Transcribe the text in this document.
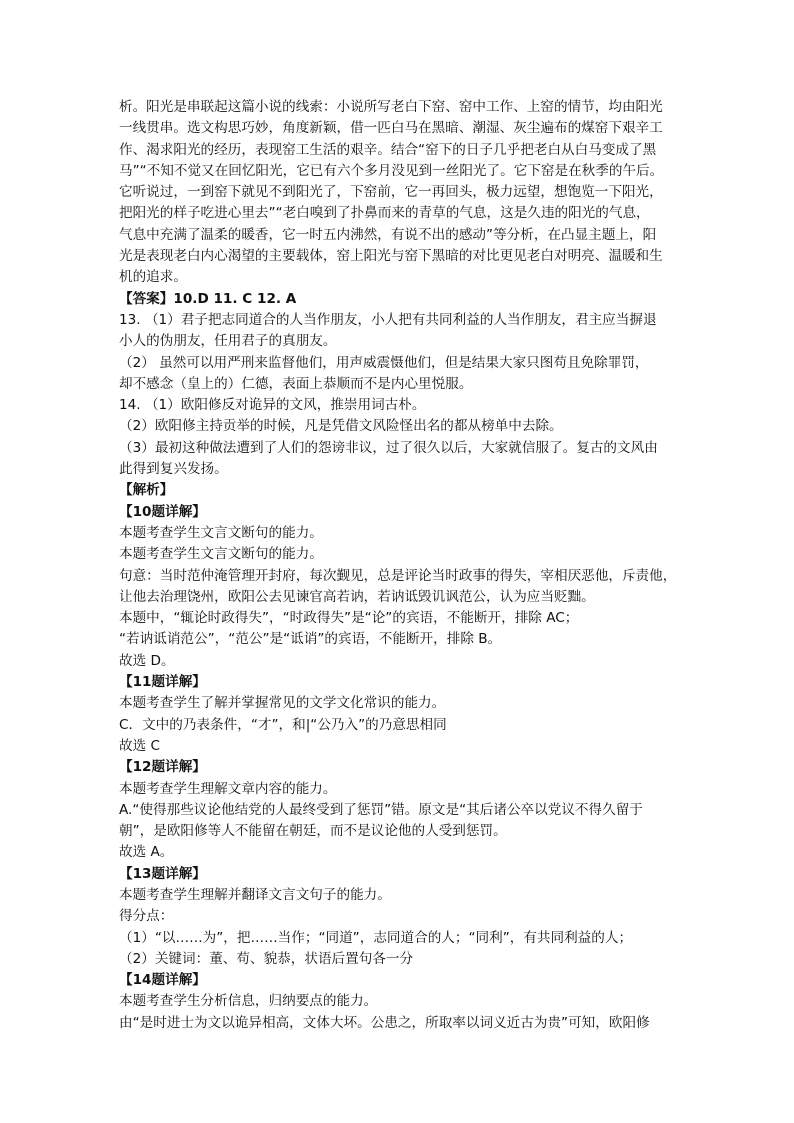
析。阳光是串联起这篇小说的线索：小说所写老白下窑、窑中工作、上窑的情节，均由阳光
一线贯串。选文构思巧妙，角度新颖，借一匹白马在黑暗、潮湿、灰尘遍布的煤窑下艰辛工
作、渴求阳光的经历，表现窑工生活的艰辛。结合“窑下的日子几乎把老白从白马变成了黑
马”“不知不觉又在回忆阳光，它已有六个多月没见到一丝阳光了。它下窑是在秋季的午后。
它听说过，一到窑下就见不到阳光了，下窑前，它一再回头，极力远望，想饱览一下阳光，
把阳光的样子吃进心里去”“老白嗅到了扑鼻而来的青草的气息，这是久违的阳光的气息，
气息中充满了温柔的暖香，它一时五内沸然，有说不出的感动”等分析，在凸显主题上，阳
光是表现老白内心渴望的主要载体，窑上阳光与窑下黑暗的对比更见老白对明亮、温暖和生
机的追求。
【答案】10.D 11. C 12. A
13. （1）君子把志同道合的人当作朋友，小人把有共同利益的人当作朋友，君主应当摒退
小人的伪朋友，任用君子的真朋友。
（2） 虽然可以用严刑来监督他们，用声威震慑他们，但是结果大家只图苟且免除罪罚，
却不感念（皇上的）仁德，表面上恭顺而不是内心里悦服。
14. （1）欧阳修反对诡异的文风，推崇用词古朴。
（2）欧阳修主持贡举的时候，凡是凭借文风险怪出名的都从榜单中去除。
（3）最初这种做法遭到了人们的怨谤非议，过了很久以后，大家就信服了。复古的文风由
此得到复兴发扬。
【解析】
【10题详解】
本题考查学生文言文断句的能力。
本题考查学生文言文断句的能力。
句意：当时范仲淹管理开封府，每次觐见，总是评论当时政事的得失，宰相厌恶他，斥责他，
让他去治理饶州，欧阳公去见谏官高若讷，若讷诋毁讥讽范公，认为应当贬黜。
本题中，“辄论时政得失”，“时政得失”是“论”的宾语，不能断开，排除 AC；
“若讷诋诮范公”，“范公”是“诋诮”的宾语，不能断开，排除 B。
故选 D。
【11题详解】
本题考查学生了解并掌握常见的文学文化常识的能力。
C．文中的乃表条件，“才”，和|“公乃入”的乃意思相同
故选 C
【12题详解】
本题考查学生理解文章内容的能力。
A.“使得那些议论他结党的人最终受到了惩罚”错。原文是“其后诸公卒以党议不得久留于
朝”，是欧阳修等人不能留在朝廷，而不是议论他的人受到惩罚。
故选 A。
【13题详解】
本题考查学生理解并翻译文言文句子的能力。
得分点：
（1）“以……为”，把……当作；“同道”，志同道合的人；“同利”，有共同利益的人；
（2）关键词：董、苟、貌恭，状语后置句各一分
【14题详解】
本题考查学生分析信息，归纳要点的能力。
由“是时进士为文以诡异相高，文体大坏。公患之，所取率以词义近古为贵”可知，欧阳修
